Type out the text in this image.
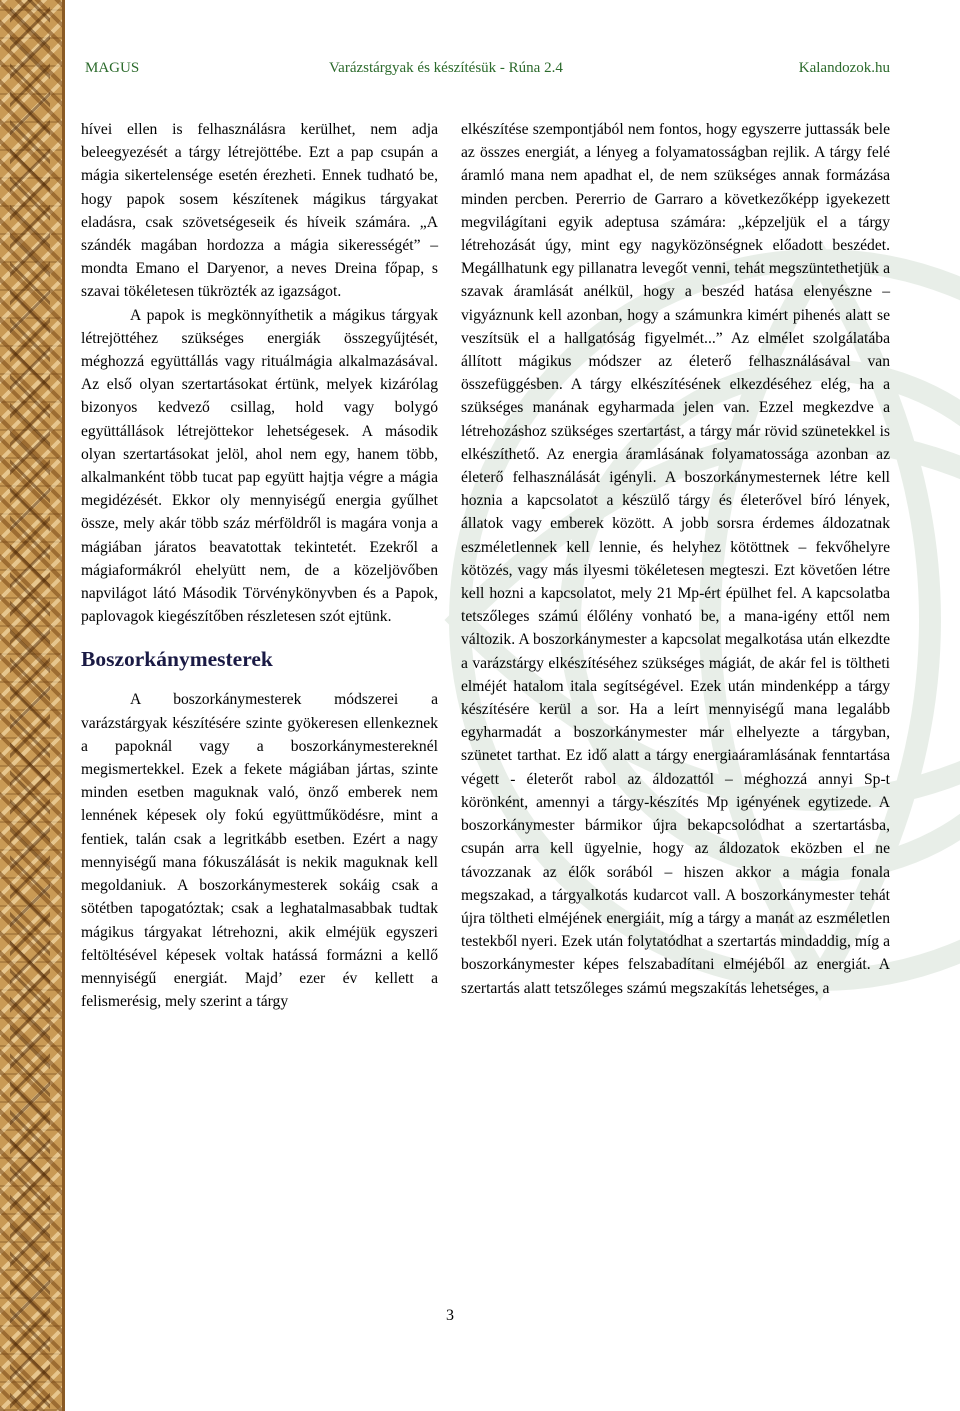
MAGUS	Varázstárgyak és készítésük - Rúna 2.4	Kalandozok.hu

hívei ellen is felhasználásra kerülhet, nem adja beleegyezését a tárgy létrejöttébe. Ezt a pap csupán a mágia sikertelensége esetén érezheti. Ennek tudható be, hogy papok sosem készítenek mágikus tárgyakat eladásra, csak szövetségeseik és híveik számára. „A szándék magában hordozza a mágia sikerességét” – mondta Emano el Daryenor, a neves Dreina főpap, s szavai tökéletesen tükrözték az igazságot.

A papok is megkönnyíthetik a mágikus tárgyak létrejöttéhez szükséges energiák összegyűjtését, méghozzá együttállás vagy rituálmágia alkalmazásával. Az első olyan szertartásokat értünk, melyek kizárólag bizonyos kedvező csillag, hold vagy bolygó együttállások létrejöttekor lehetségesek. A második olyan szertartásokat jelöl, ahol nem egy, hanem több, alkalmanként több tucat pap együtt hajtja végre a mágia megidézését. Ekkor oly mennyiségű energia gyűlhet össze, mely akár több száz mérföldről is magára vonja a mágiában járatos beavatottak tekintetét. Ezekről a mágiaformákról ehelyütt nem, de a közeljövőben napvilágot látó Második Törvénykönyvben és a Papok, paplovagok kiegészítőben részletesen szót ejtünk.

Boszorkánymesterek

A boszorkánymesterek módszerei a varázstárgyak készítésére szinte gyökeresen ellenkeznek a papoknál vagy a boszorkánymestereknél megismertekkel. Ezek a fekete mágiában jártas, szinte minden esetben maguknak való, önző emberek nem lennének képesek oly fokú együttműködésre, mint a fentiek, talán csak a legritkább esetben. Ezért a nagy mennyiségű mana fókuszálását is nekik maguknak kell megoldaniuk. A boszorkánymesterek sokáig csak a sötétben tapogatóztak; csak a leghatalmasabbak tudtak mágikus tárgyakat létrehozni, akik elméjük egyszeri feltöltésével képesek voltak hatássá formázni a kellő mennyiségű energiát. Majd’ ezer év kellett a felismerésig, mely szerint a tárgy

elkészítése szempontjából nem fontos, hogy egyszerre juttassák bele az összes energiát, a lényeg a folyamatosságban rejlik. A tárgy felé áramló mana nem apadhat el, de nem szükséges annak formázása minden percben. Pererrio de Garraro a következőképp igyekezett megvilágítani egyik adeptusa számára: „képzeljük el a tárgy létrehozását úgy, mint egy nagyközönségnek előadott beszédet. Megállhatunk egy pillanatra levegőt venni, tehát megszüntethetjük a szavak áramlását anélkül, hogy a beszéd hatása elenyészne – vigyáznunk kell azonban, hogy a számunkra kimért pihenés alatt se veszítsük el a hallgatóság figyelmét...” Az elmélet szolgálatába állított mágikus módszer az életerő felhasználásával van összefüggésben. A tárgy elkészítésének elkezdéséhez elég, ha a szükséges manának egyharmada jelen van. Ezzel megkezdve a létrehozáshoz szükséges szertartást, a tárgy már rövid szünetekkel is elkészíthető. Az energia áramlásának folyamatossága azonban az életerő felhasználását igényli. A boszorkánymesternek létre kell hoznia a kapcsolatot a készülő tárgy és életerővel bíró lények, állatok vagy emberek között. A jobb sorsra érdemes áldozatnak eszméletlennek kell lennie, és helyhez kötöttnek – fekvőhelyre kötözés, vagy más ilyesmi tökéletesen megteszi. Ezt követően létre kell hozni a kapcsolatot, mely 21 Mp-ért épülhet fel. A kapcsolatba tetszőleges számú élőlény vonható be, a mana-igény ettől nem változik. A boszorkánymester a kapcsolat megalkotása után elkezdte a varázstárgy elkészítéséhez szükséges mágiát, de akár fel is töltheti elméjét hatalom itala segítségével. Ezek után mindenképp a tárgy készítésére kerül a sor. Ha a leírt mennyiségű mana legalább egyharmadát a boszorkánymester már elhelyezte a tárgyban, szünetet tarthat. Ez idő alatt a tárgy energiaáramlásának fenntartása végett - életerőt rabol az áldozattól – méghozzá annyi Sp-t körönként, amennyi a tárgy-készítés Mp igényének egytizede. A boszorkánymester bármikor újra bekapcsolódhat a szertartásba, csupán arra kell ügyelnie, hogy az áldozatok eközben el ne távozzanak az élők sorából – hiszen akkor a mágia fonala megszakad, a tárgyalkotás kudarcot vall. A boszorkánymester tehát újra töltheti elméjének energiáit, míg a tárgy a manát az eszméletlen testekből nyeri. Ezek után folytatódhat a szertartás mindaddig, míg a boszorkánymester képes felszabadítani elméjéből az energiát. A szertartás alatt tetszőleges számú megszakítás lehetséges, a

3
